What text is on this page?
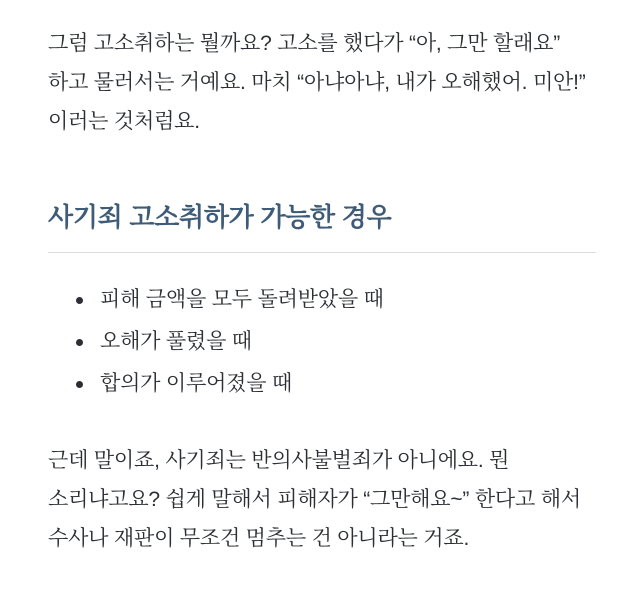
그럼 고소취하는 뭘까요? 고소를 했다가 “아, 그만 할래요” 하고 물러서는 거예요. 마치 “아냐아냐, 내가 오해했어. 미안!” 이러는 것처럼요.

사기죄 고소취하가 가능한 경우
피해 금액을 모두 돌려받았을 때
오해가 풀렸을 때
합의가 이루어졌을 때

근데 말이죠, 사기죄는 반의사불벌죄가 아니에요. 뭔 소리냐고요? 쉽게 말해서 피해자가 “그만해요~” 한다고 해서 수사나 재판이 무조건 멈추는 건 아니라는 거죠.
